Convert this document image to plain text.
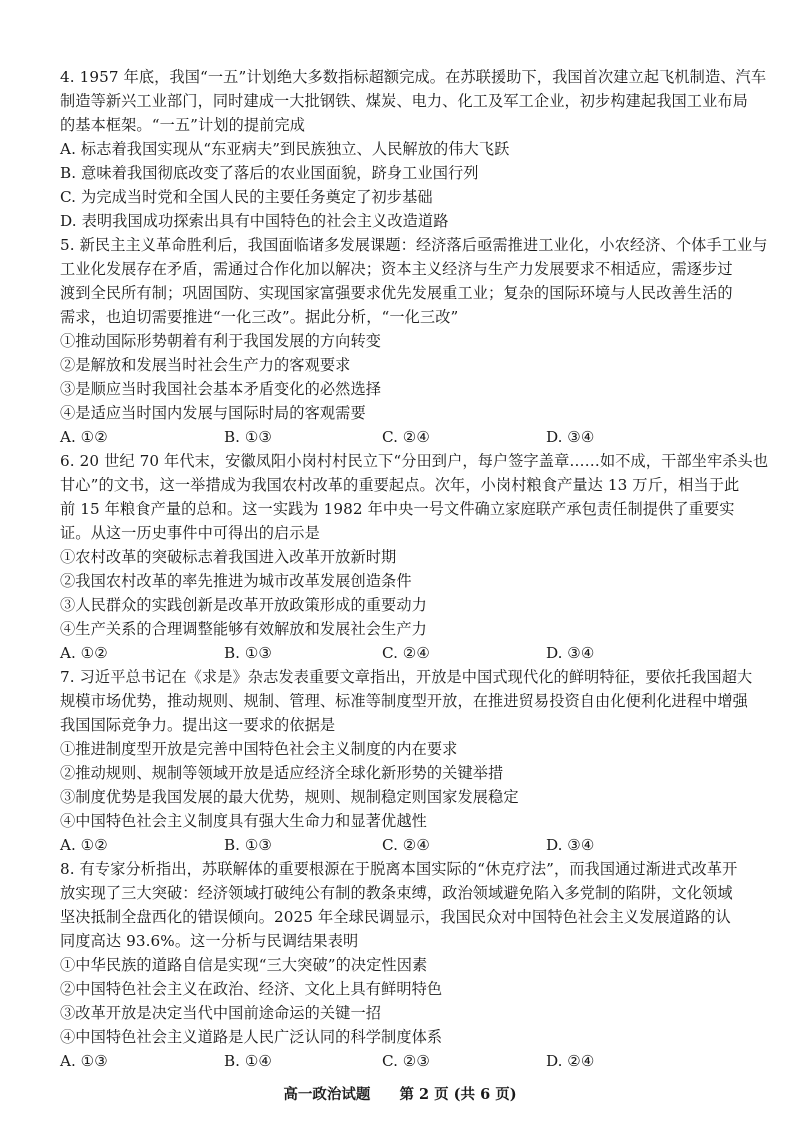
4. 1957 年底，我国“一五”计划绝大多数指标超额完成。在苏联援助下，我国首次建立起飞机制造、汽车
制造等新兴工业部门，同时建成一大批钢铁、煤炭、电力、化工及军工企业，初步构建起我国工业布局
的基本框架。“一五”计划的提前完成
A. 标志着我国实现从“东亚病夫”到民族独立、人民解放的伟大飞跃
B. 意味着我国彻底改变了落后的农业国面貌，跻身工业国行列
C. 为完成当时党和全国人民的主要任务奠定了初步基础
D. 表明我国成功探索出具有中国特色的社会主义改造道路
5. 新民主主义革命胜利后，我国面临诸多发展课题：经济落后亟需推进工业化，小农经济、个体手工业与
工业化发展存在矛盾，需通过合作化加以解决；资本主义经济与生产力发展要求不相适应，需逐步过
渡到全民所有制；巩固国防、实现国家富强要求优先发展重工业；复杂的国际环境与人民改善生活的
需求，也迫切需要推进“一化三改”。据此分析，“一化三改”
①推动国际形势朝着有利于我国发展的方向转变
②是解放和发展当时社会生产力的客观要求
③是顺应当时我国社会基本矛盾变化的必然选择
④是适应当时国内发展与国际时局的客观需要
A. ①②	B. ①③	C. ②④	D. ③④
6. 20 世纪 70 年代末，安徽凤阳小岗村村民立下“分田到户，每户签字盖章……如不成，干部坐牢杀头也
甘心”的文书，这一举措成为我国农村改革的重要起点。次年，小岗村粮食产量达 13 万斤，相当于此
前 15 年粮食产量的总和。这一实践为 1982 年中央一号文件确立家庭联产承包责任制提供了重要实
证。从这一历史事件中可得出的启示是
①农村改革的突破标志着我国进入改革开放新时期
②我国农村改革的率先推进为城市改革发展创造条件
③人民群众的实践创新是改革开放政策形成的重要动力
④生产关系的合理调整能够有效解放和发展社会生产力
A. ①②	B. ①③	C. ②④	D. ③④
7. 习近平总书记在《求是》杂志发表重要文章指出，开放是中国式现代化的鲜明特征，要依托我国超大
规模市场优势，推动规则、规制、管理、标准等制度型开放，在推进贸易投资自由化便利化进程中增强
我国国际竞争力。提出这一要求的依据是
①推进制度型开放是完善中国特色社会主义制度的内在要求
②推动规则、规制等领域开放是适应经济全球化新形势的关键举措
③制度优势是我国发展的最大优势，规则、规制稳定则国家发展稳定
④中国特色社会主义制度具有强大生命力和显著优越性
A. ①②	B. ①③	C. ②④	D. ③④
8. 有专家分析指出，苏联解体的重要根源在于脱离本国实际的“休克疗法”，而我国通过渐进式改革开
放实现了三大突破：经济领域打破纯公有制的教条束缚，政治领域避免陷入多党制的陷阱，文化领域
坚决抵制全盘西化的错误倾向。2025 年全球民调显示，我国民众对中国特色社会主义发展道路的认
同度高达 93.6%。这一分析与民调结果表明
①中华民族的道路自信是实现“三大突破”的决定性因素
②中国特色社会主义在政治、经济、文化上具有鲜明特色
③改革开放是决定当代中国前途命运的关键一招
④中国特色社会主义道路是人民广泛认同的科学制度体系
A. ①③	B. ①④	C. ②③	D. ②④
高一政治试题 第 2 页 (共 6 页)
